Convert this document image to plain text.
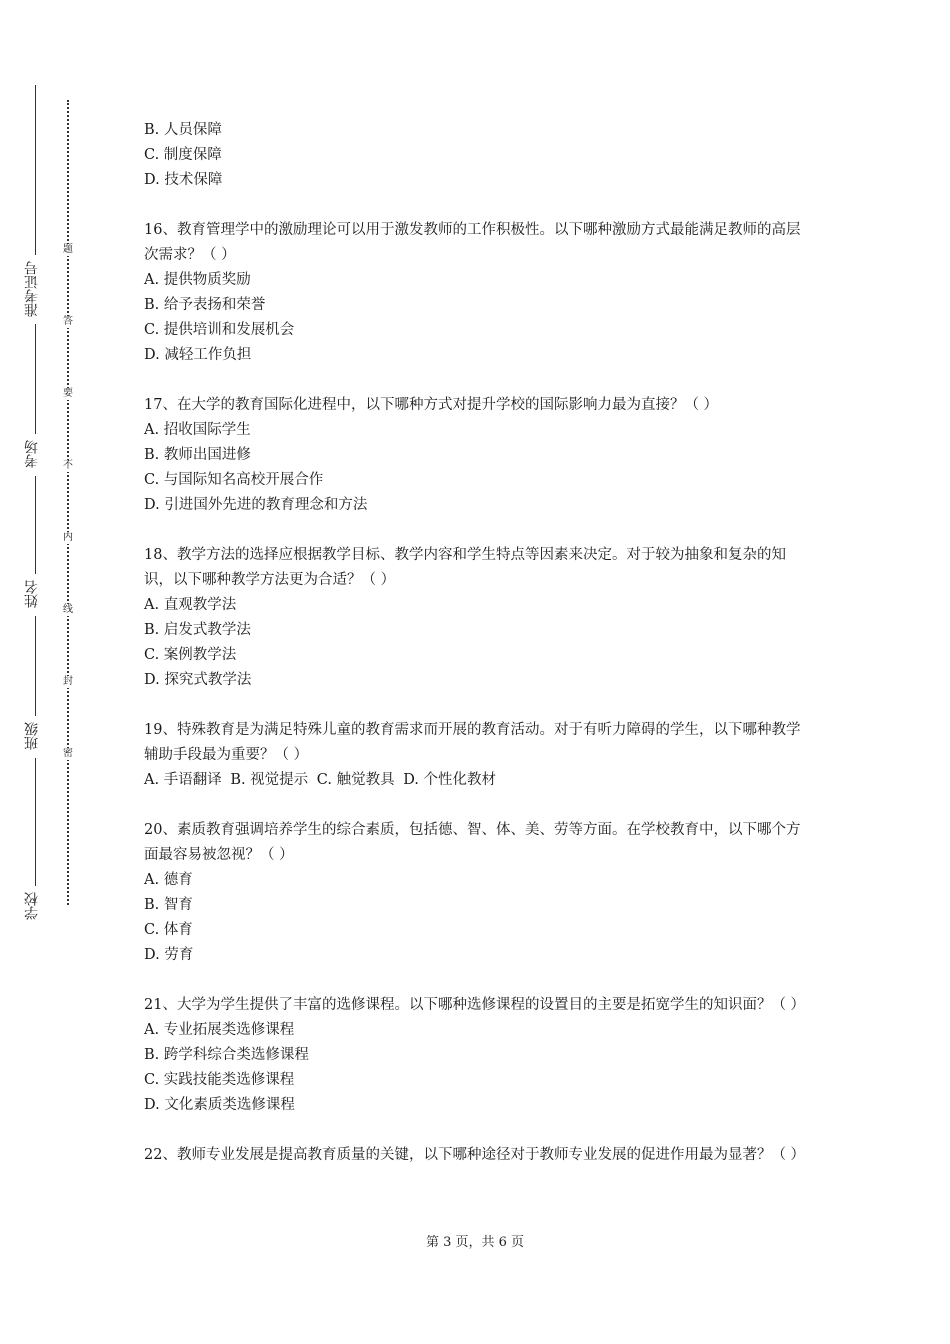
准考证号
考场
姓名
班级
学校
题
答
要
不
内
线
封
密

B. 人员保障

C. 制度保障

D. 技术保障

16、教育管理学中的激励理论可以用于激发教师的工作积极性。以下哪种激励方式最能满足教师的高层次需求？（ ）

A. 提供物质奖励

B. 给予表扬和荣誉

C. 提供培训和发展机会

D. 减轻工作负担

17、在大学的教育国际化进程中，以下哪种方式对提升学校的国际影响力最为直接？（ ）

A. 招收国际学生

B. 教师出国进修

C. 与国际知名高校开展合作

D. 引进国外先进的教育理念和方法

18、教学方法的选择应根据教学目标、教学内容和学生特点等因素来决定。对于较为抽象和复杂的知识，以下哪种教学方法更为合适？（ ）

A. 直观教学法

B. 启发式教学法

C. 案例教学法

D. 探究式教学法

19、特殊教育是为满足特殊儿童的教育需求而开展的教育活动。对于有听力障碍的学生，以下哪种教学辅助手段最为重要？（ ）

A. 手语翻译 B. 视觉提示 C. 触觉教具 D. 个性化教材

20、素质教育强调培养学生的综合素质，包括德、智、体、美、劳等方面。在学校教育中，以下哪个方面最容易被忽视？（ ）

A. 德育

B. 智育

C. 体育

D. 劳育

21、大学为学生提供了丰富的选修课程。以下哪种选修课程的设置目的主要是拓宽学生的知识面？（ ）

A. 专业拓展类选修课程

B. 跨学科综合类选修课程

C. 实践技能类选修课程

D. 文化素质类选修课程

22、教师专业发展是提高教育质量的关键，以下哪种途径对于教师专业发展的促进作用最为显著？（ ）

第 3 页，共 6 页
